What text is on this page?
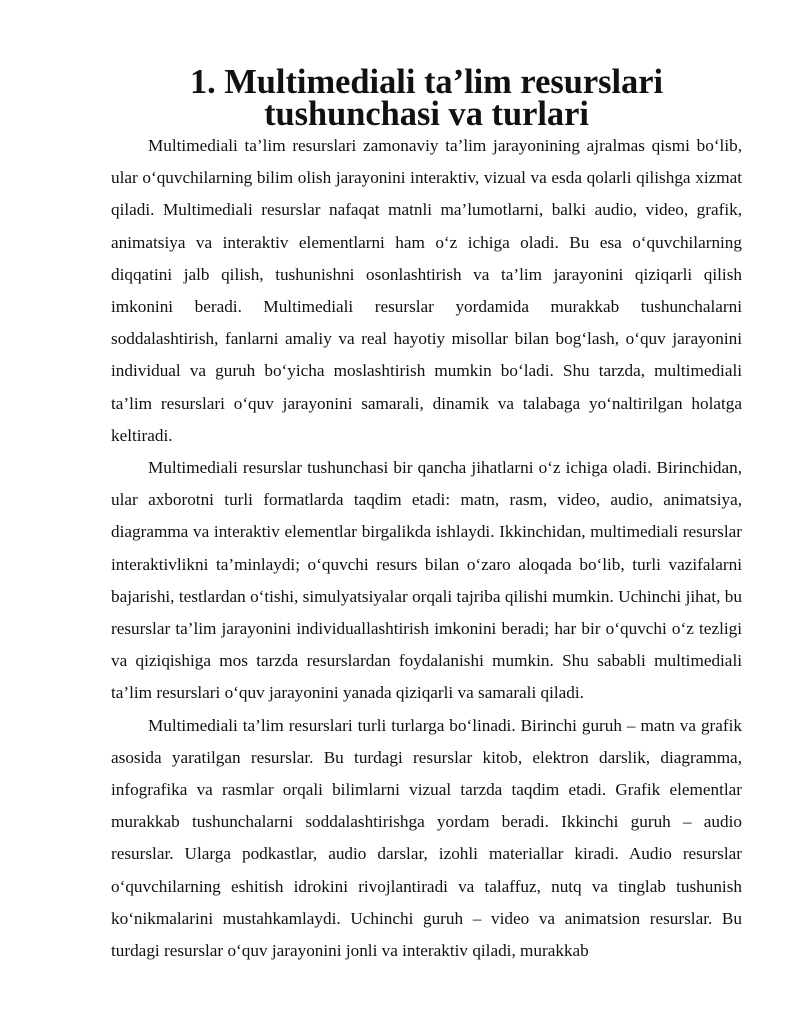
1. Multimediali ta’lim resurslari tushunchasi va turlari

Multimediali ta’lim resurslari zamonaviy ta’lim jarayonining ajralmas qismi bo‘lib, ular o‘quvchilarning bilim olish jarayonini interaktiv, vizual va esda qolarli qilishga xizmat qiladi. Multimediali resurslar nafaqat matnli ma’lumotlarni, balki audio, video, grafik, animatsiya va interaktiv elementlarni ham o‘z ichiga oladi. Bu esa o‘quvchilarning diqqatini jalb qilish, tushunishni osonlashtirish va ta’lim jarayonini qiziqarli qilish imkonini beradi. Multimediali resurslar yordamida murakkab tushunchalarni soddalashtirish, fanlarni amaliy va real hayotiy misollar bilan bog‘lash, o‘quv jarayonini individual va guruh bo‘yicha moslashtirish mumkin bo‘ladi. Shu tarzda, multimediali ta’lim resurslari o‘quv jarayonini samarali, dinamik va talabaga yo‘naltirilgan holatga keltiradi.

Multimediali resurslar tushunchasi bir qancha jihatlarni o‘z ichiga oladi. Birinchidan, ular axborotni turli formatlarda taqdim etadi: matn, rasm, video, audio, animatsiya, diagramma va interaktiv elementlar birgalikda ishlaydi. Ikkinchidan, multimediali resurslar interaktivlikni ta’minlaydi; o‘quvchi resurs bilan o‘zaro aloqada bo‘lib, turli vazifalarni bajarishi, testlardan o‘tishi, simulyatsiyalar orqali tajriba qilishi mumkin. Uchinchi jihat, bu resurslar ta’lim jarayonini individuallashtirish imkonini beradi; har bir o‘quvchi o‘z tezligi va qiziqishiga mos tarzda resurslardan foydalanishi mumkin. Shu sababli multimediali ta’lim resurslari o‘quv jarayonini yanada qiziqarli va samarali qiladi.

Multimediali ta’lim resurslari turli turlarga bo‘linadi. Birinchi guruh – matn va grafik asosida yaratilgan resurslar. Bu turdagi resurslar kitob, elektron darslik, diagramma, infografika va rasmlar orqali bilimlarni vizual tarzda taqdim etadi. Grafik elementlar murakkab tushunchalarni soddalashtirishga yordam beradi. Ikkinchi guruh – audio resurslar. Ularga podkastlar, audio darslar, izohli materiallar kiradi. Audio resurslar o‘quvchilarning eshitish idrokini rivojlantiradi va talaffuz, nutq va tinglab tushunish ko‘nikmalarini mustahkamlaydi. Uchinchi guruh – video va animatsion resurslar. Bu turdagi resurslar o‘quv jarayonini jonli va interaktiv qiladi, murakkab
